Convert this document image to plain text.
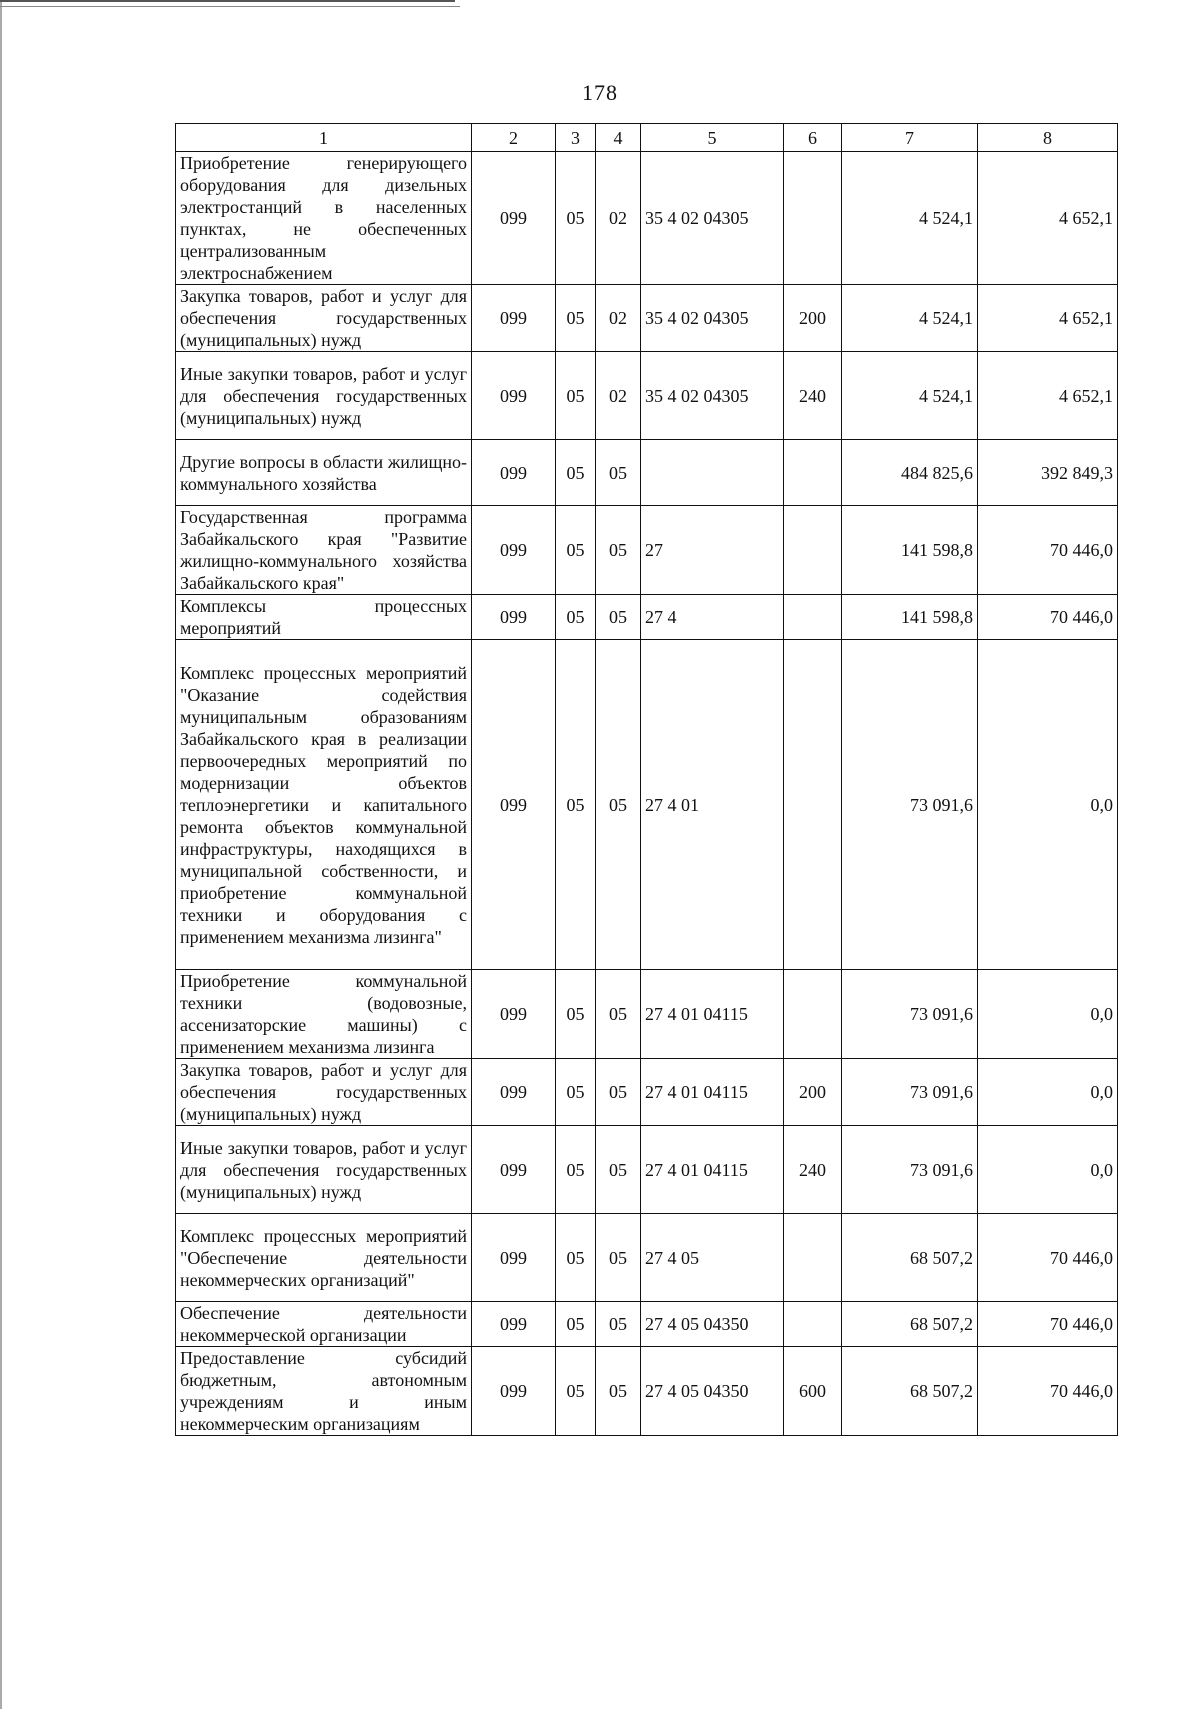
178
1	2	3	4	5	6	7	8
Приобретение генерирующего оборудования для дизельных электростанций в населенных пунктах, не обеспеченных централизованным электроснабжением	099	05	02	35 4 02 04305		4 524,1	4 652,1
Закупка товаров, работ и услуг для обеспечения государственных (муниципальных) нужд	099	05	02	35 4 02 04305	200	4 524,1	4 652,1
Иные закупки товаров, работ и услуг для обеспечения государственных (муниципальных) нужд	099	05	02	35 4 02 04305	240	4 524,1	4 652,1
Другие вопросы в области жилищно-коммунального хозяйства	099	05	05			484 825,6	392 849,3
Государственная программа Забайкальского края "Развитие жилищно-коммунального хозяйства Забайкальского края"	099	05	05	27		141 598,8	70 446,0
Комплексы процессных мероприятий	099	05	05	27 4		141 598,8	70 446,0
Комплекс процессных мероприятий "Оказание содействия муниципальным образованиям Забайкальского края в реализации первоочередных мероприятий по модернизации объектов теплоэнергетики и капитального ремонта объектов коммунальной инфраструктуры, находящихся в муниципальной собственности, и приобретение коммунальной техники и оборудования с применением механизма лизинга"	099	05	05	27 4 01		73 091,6	0,0
Приобретение коммунальной техники (водовозные, ассенизаторские машины) с применением механизма лизинга	099	05	05	27 4 01 04115		73 091,6	0,0
Закупка товаров, работ и услуг для обеспечения государственных (муниципальных) нужд	099	05	05	27 4 01 04115	200	73 091,6	0,0
Иные закупки товаров, работ и услуг для обеспечения государственных (муниципальных) нужд	099	05	05	27 4 01 04115	240	73 091,6	0,0
Комплекс процессных мероприятий "Обеспечение деятельности некоммерческих организаций"	099	05	05	27 4 05		68 507,2	70 446,0
Обеспечение деятельности некоммерческой организации	099	05	05	27 4 05 04350		68 507,2	70 446,0
Предоставление субсидий бюджетным, автономным учреждениям и иным некоммерческим организациям	099	05	05	27 4 05 04350	600	68 507,2	70 446,0
